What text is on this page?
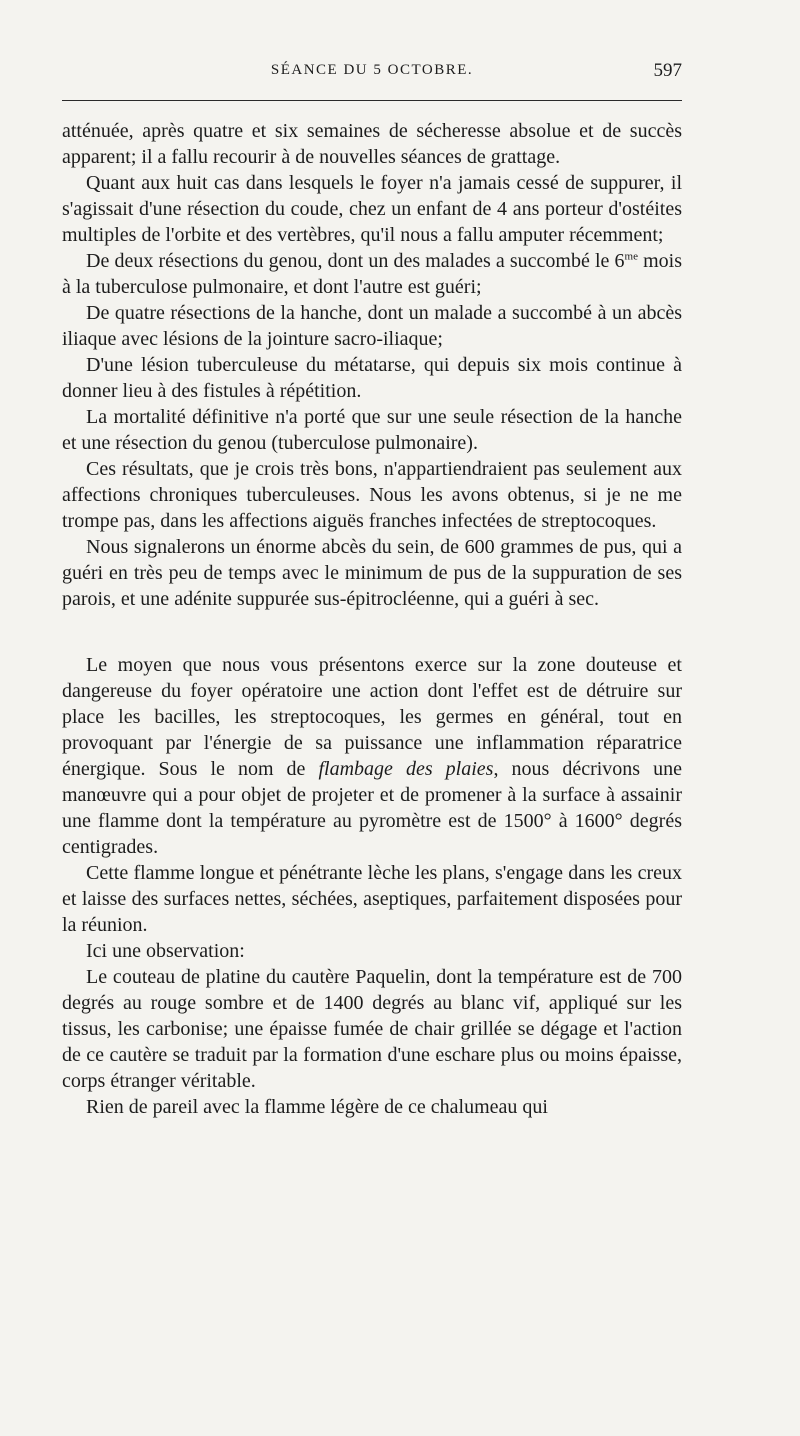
SÉANCE DU 5 OCTOBRE.	597

atténuée, après quatre et six semaines de sécheresse absolue et de succès apparent; il a fallu recourir à de nouvelles séances de grattage.

Quant aux huit cas dans lesquels le foyer n'a jamais cessé de suppurer, il s'agissait d'une résection du coude, chez un enfant de 4 ans porteur d'ostéites multiples de l'orbite et des vertèbres, qu'il nous a fallu amputer récemment;

De deux résections du genou, dont un des malades a succombé le $6^{me}$ mois à la tuberculose pulmonaire, et dont l'autre est guéri;

De quatre résections de la hanche, dont un malade a succombé à un abcès iliaque avec lésions de la jointure sacro-iliaque;

D'une lésion tuberculeuse du métatarse, qui depuis six mois continue à donner lieu à des fistules à répétition.

La mortalité définitive n'a porté que sur une seule résection de la hanche et une résection du genou (tuberculose pulmonaire).

Ces résultats, que je crois très bons, n'appartiendraient pas seulement aux affections chroniques tuberculeuses. Nous les avons obtenus, si je ne me trompe pas, dans les affections aiguës franches infectées de streptocoques.

Nous signalerons un énorme abcès du sein, de 600 grammes de pus, qui a guéri en très peu de temps avec le minimum de pus de la suppuration de ses parois, et une adénite suppurée sus-épitrocléenne, qui a guéri à sec.

Le moyen que nous vous présentons exerce sur la zone douteuse et dangereuse du foyer opératoire une action dont l'effet est de détruire sur place les bacilles, les streptocoques, les germes en général, tout en provoquant par l'énergie de sa puissance une inflammation réparatrice énergique. Sous le nom de flambage des plaies, nous décrivons une manœuvre qui a pour objet de projeter et de promener à la surface à assainir une flamme dont la température au pyromètre est de 1500° à 1600° degrés centigrades.

Cette flamme longue et pénétrante lèche les plans, s'engage dans les creux et laisse des surfaces nettes, séchées, aseptiques, parfaitement disposées pour la réunion.

Ici une observation:

Le couteau de platine du cautère Paquelin, dont la température est de 700 degrés au rouge sombre et de 1400 degrés au blanc vif, appliqué sur les tissus, les carbonise; une épaisse fumée de chair grillée se dégage et l'action de ce cautère se traduit par la formation d'une eschare plus ou moins épaisse, corps étranger véritable.

Rien de pareil avec la flamme légère de ce chalumeau qui
